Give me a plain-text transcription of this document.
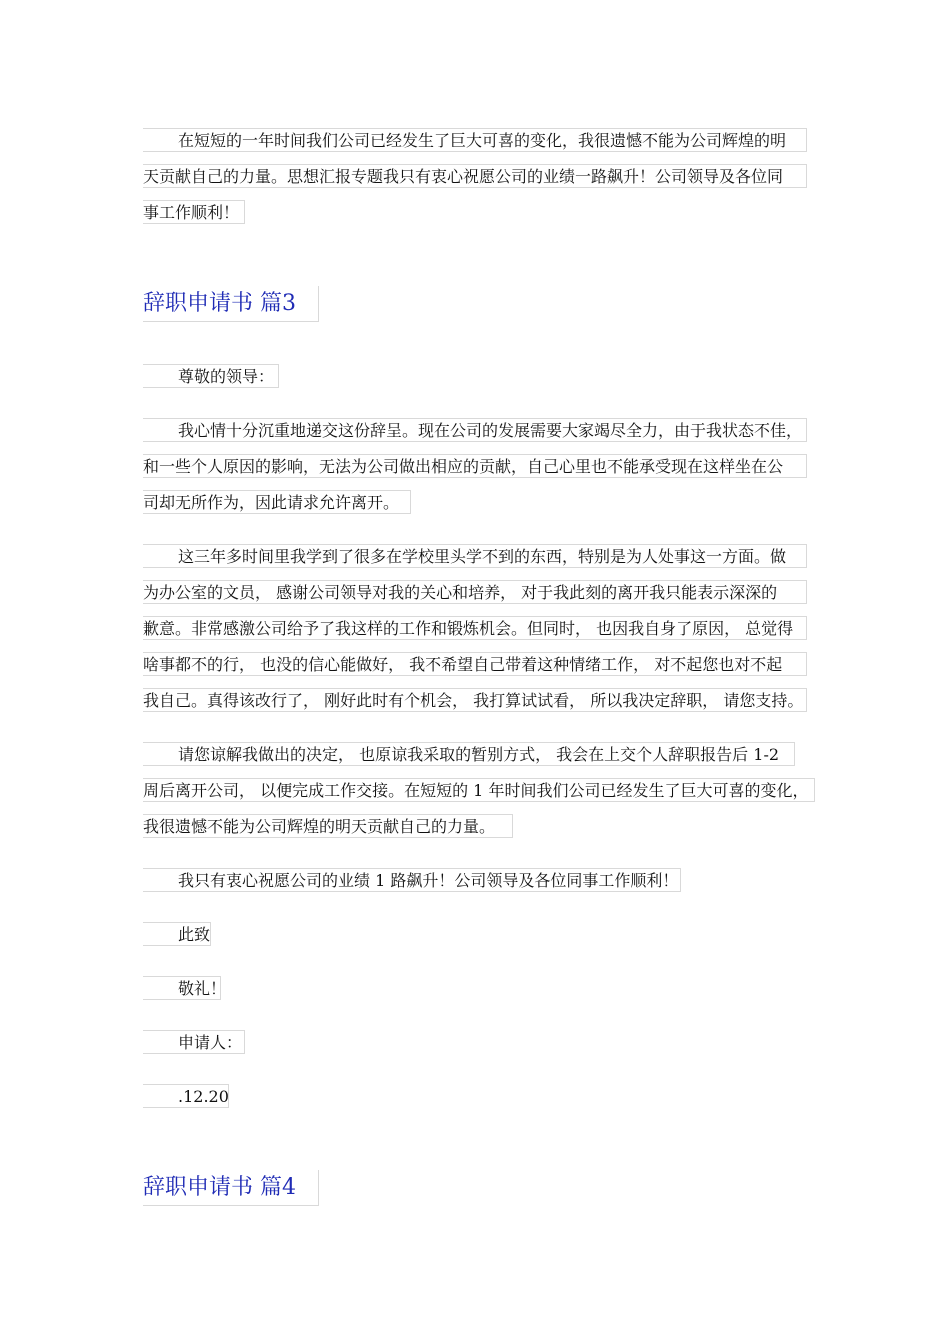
在短短的一年时间我们公司已经发生了巨大可喜的变化，我很遗憾不能为公司辉煌的明
天贡献自己的力量。思想汇报专题我只有衷心祝愿公司的业绩一路飙升！公司领导及各位同
事工作顺利！
辞职申请书 篇3
尊敬的领导：
我心情十分沉重地递交这份辞呈。现在公司的发展需要大家竭尽全力，由于我状态不佳，
和一些个人原因的影响，无法为公司做出相应的贡献，自己心里也不能承受现在这样坐在公
司却无所作为，因此请求允许离开。
这三年多时间里我学到了很多在学校里头学不到的东西，特别是为人处事这一方面。做
为办公室的文员， 感谢公司领导对我的关心和培养， 对于我此刻的离开我只能表示深深的
歉意。非常感激公司给予了我这样的工作和锻炼机会。但同时， 也因我自身了原因， 总觉得
啥事都不的行， 也没的信心能做好， 我不希望自己带着这种情绪工作， 对不起您也对不起
我自己。真得该改行了， 刚好此时有个机会， 我打算试试看， 所以我决定辞职， 请您支持。
请您谅解我做出的决定， 也原谅我采取的暂别方式， 我会在上交个人辞职报告后 1-2
周后离开公司， 以便完成工作交接。在短短的 1 年时间我们公司已经发生了巨大可喜的变化，
我很遗憾不能为公司辉煌的明天贡献自己的力量。
我只有衷心祝愿公司的业绩 1 路飙升！公司领导及各位同事工作顺利！
此致
敬礼！
申请人：
.12.20
辞职申请书 篇4
